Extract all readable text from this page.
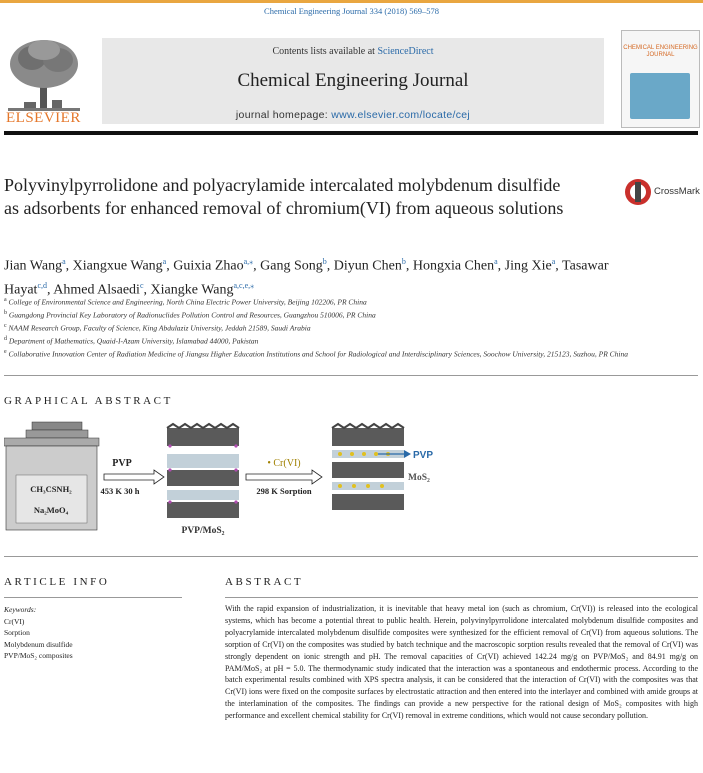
Chemical Engineering Journal 334 (2018) 569–578
ELSEVIER
Contents lists available at ScienceDirect
Chemical Engineering Journal
journal homepage: www.elsevier.com/locate/cej
CHEMICAL ENGINEERING JOURNAL
Polyvinylpyrrolidone and polyacrylamide intercalated molybdenum disulfide as adsorbents for enhanced removal of chromium(VI) from aqueous solutions
CrossMark
Jian Wang$^a$, Xiangxue Wang$^a$, Guixia Zhao$^{a,⁎}$, Gang Song$^b$, Diyun Chen$^b$, Hongxia Chen$^a$, Jing Xie$^a$, Tasawar Hayat$^{c,d}$, Ahmed Alsaedi$^c$, Xiangke Wang$^{a,c,e,⁎}$
$^a$ College of Environmental Science and Engineering, North China Electric Power University, Beijing 102206, PR China
$^b$ Guangdong Provincial Key Laboratory of Radionuclides Pollution Control and Resources, Guangzhou 510006, PR China
$^c$ NAAM Research Group, Faculty of Science, King Abdulaziz University, Jeddah 21589, Saudi Arabia
$^d$ Department of Mathematics, Quaid-I-Azam University, Islamabad 44000, Pakistan
$^e$ Collaborative Innovation Center of Radiation Medicine of Jiangsu Higher Education Institutions and School for Radiological and Interdisciplinary Sciences, Soochow University, 215123, Suzhou, PR China
GRAPHICAL ABSTRACT
CH₃CSNH₂
Na₂MoO₄
PVP
453 K 30 h
PVP/MoS₂
• Cr(VI)
298 K Sorption
PVP
MoS₂
ARTICLE INFO	ABSTRACT
Keywords:
Cr(VI)
Sorption
Molybdenum disulfide
PVP/MoS₂ composites
With the rapid expansion of industrialization, it is inevitable that heavy metal ion (such as chromium, Cr(VI)) is released into the ecological systems, which has become a potential threat to public health. Herein, polyvinylpyrrolidone intercalated molybdenum disulfide composites and polyacrylamide intercalated molybdenum disulfide composites were synthesized for the efficient removal of Cr(VI) from aqueous solutions. The sorption of Cr(VI) on the composites was studied by batch technique and the macroscopic sorption results revealed that the removal of Cr(VI) was strongly dependent on ionic strength and pH. The removal capacities of Cr(VI) achieved 142.24 mg/g on PVP/MoS₂ and 84.91 mg/g on PAM/MoS₂ at pH = 5.0. The thermodynamic study indicated that the interaction was a spontaneous and endothermic process. According to the batch experimental results combined with XPS spectra analysis, it can be considered that the interaction of Cr(VI) with the composites was that Cr(VI) ions were fixed on the composite surfaces by electrostatic attraction and then entered into the interlayer and combined with amide groups at the interlamination of the composites. The findings can provide a new perspective for the rational design of MoS₂ composites with high performance and excellent chemical stability for Cr(VI) removal in extreme conditions, which would not cause secondary pollution.
